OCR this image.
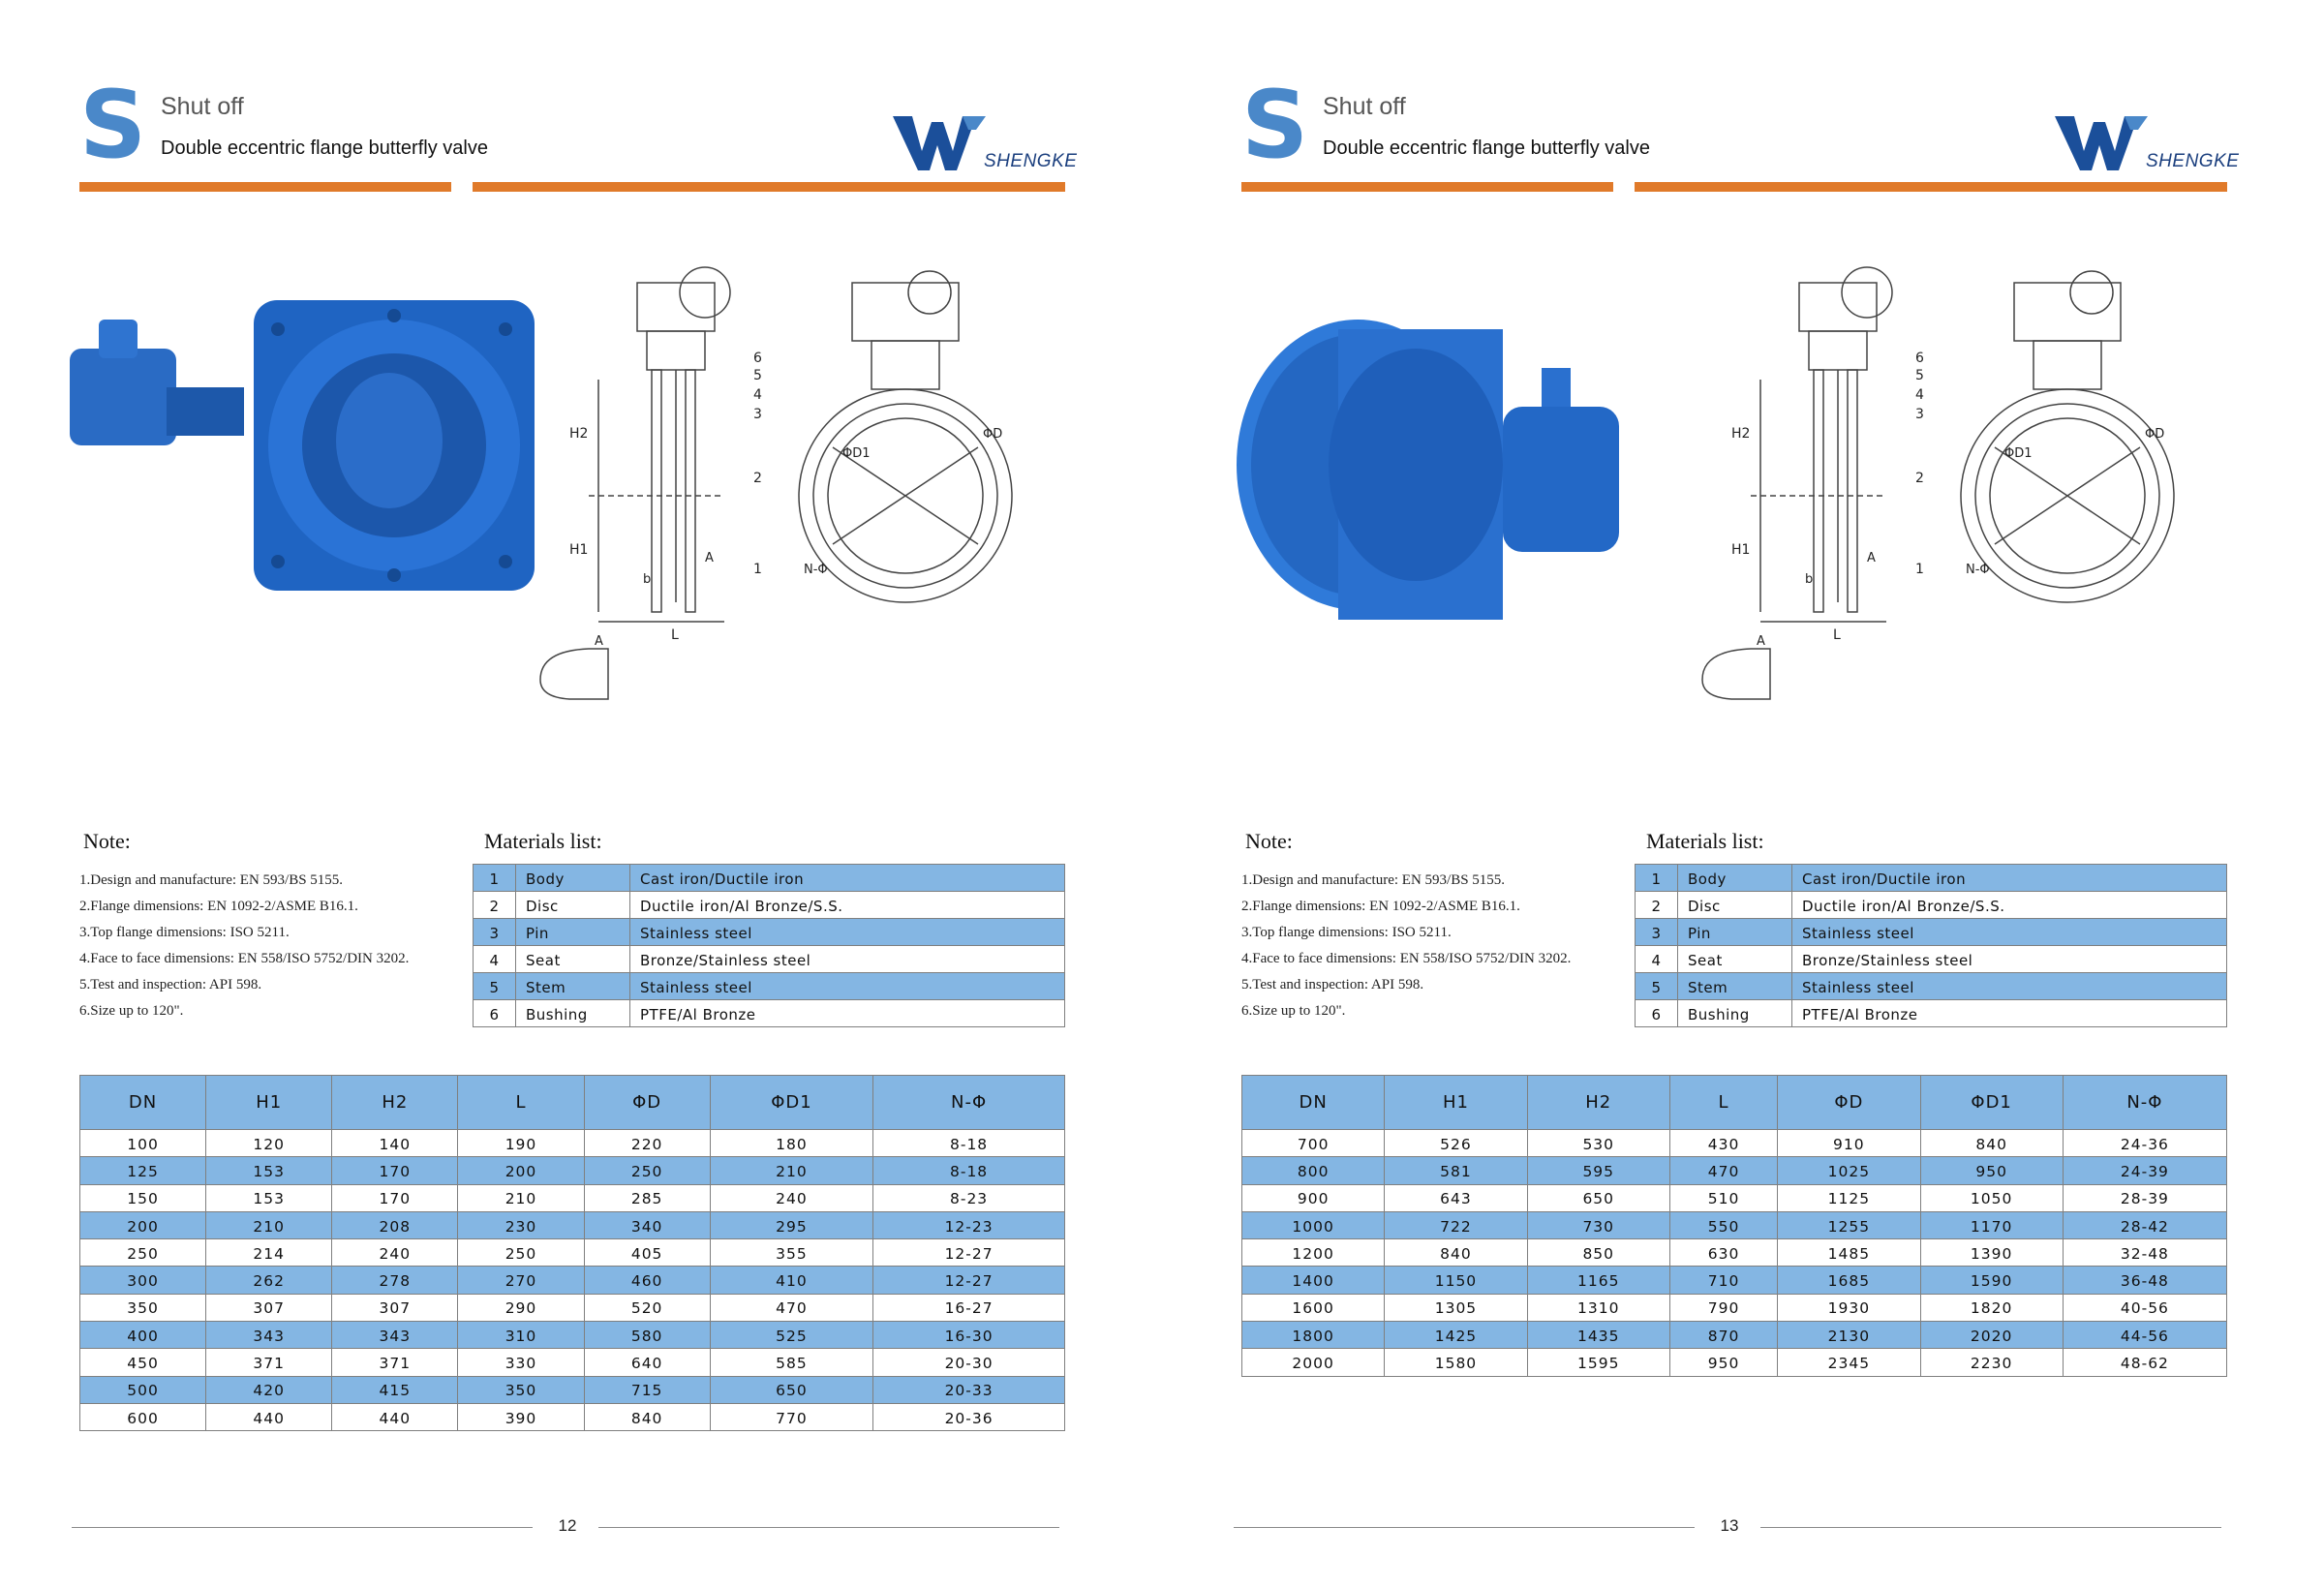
S Shut off
Double eccentric flange butterfly valve
SHENGKE
H2
H1
L
b
A
A
6
5
4
3
2
1
ΦD
ΦD1
N-Φ
Note:
1.Design and manufacture: EN 593/BS 5155.
2.Flange dimensions: EN 1092-2/ASME B16.1.
3.Top flange dimensions: ISO 5211.
4.Face to face dimensions: EN 558/ISO 5752/DIN 3202.
5.Test and inspection: API 598.
6.Size up to 120".
Materials list:
1	Body	Cast iron/Ductile iron
2	Disc	Ductile iron/Al Bronze/S.S.
3	Pin	Stainless steel
4	Seat	Bronze/Stainless steel
5	Stem	Stainless steel
6	Bushing	PTFE/Al Bronze
DN	H1	H2	L	ΦD	ΦD1	N-Φ
100	120	140	190	220	180	8-18
125	153	170	200	250	210	8-18
150	153	170	210	285	240	8-23
200	210	208	230	340	295	12-23
250	214	240	250	405	355	12-27
300	262	278	270	460	410	12-27
350	307	307	290	520	470	16-27
400	343	343	310	580	525	16-30
450	371	371	330	640	585	20-30
500	420	415	350	715	650	20-33
600	440	440	390	840	770	20-36
12
S Shut off
Double eccentric flange butterfly valve
SHENGKE
H2
H1
L
b
A
A
6
5
4
3
2
1
ΦD
ΦD1
N-Φ
Note:
1.Design and manufacture: EN 593/BS 5155.
2.Flange dimensions: EN 1092-2/ASME B16.1.
3.Top flange dimensions: ISO 5211.
4.Face to face dimensions: EN 558/ISO 5752/DIN 3202.
5.Test and inspection: API 598.
6.Size up to 120".
Materials list:
1	Body	Cast iron/Ductile iron
2	Disc	Ductile iron/Al Bronze/S.S.
3	Pin	Stainless steel
4	Seat	Bronze/Stainless steel
5	Stem	Stainless steel
6	Bushing	PTFE/Al Bronze
DN	H1	H2	L	ΦD	ΦD1	N-Φ
700	526	530	430	910	840	24-36
800	581	595	470	1025	950	24-39
900	643	650	510	1125	1050	28-39
1000	722	730	550	1255	1170	28-42
1200	840	850	630	1485	1390	32-48
1400	1150	1165	710	1685	1590	36-48
1600	1305	1310	790	1930	1820	40-56
1800	1425	1435	870	2130	2020	44-56
2000	1580	1595	950	2345	2230	48-62
13
